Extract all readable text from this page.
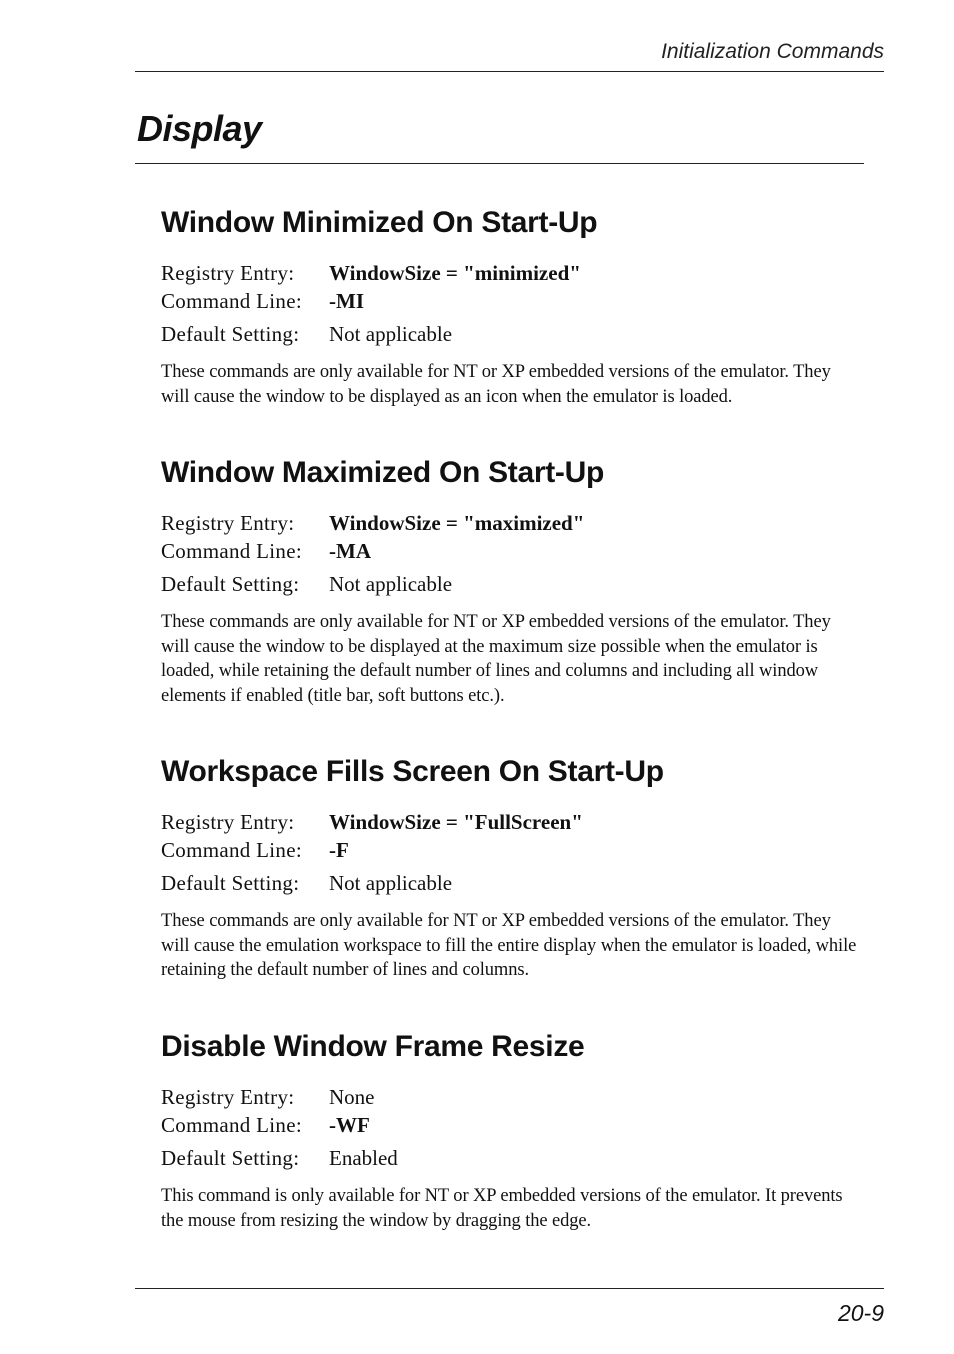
Initialization Commands
Display
Window Minimized On Start-Up
Registry Entry:	WindowSize = "minimized"
Command Line:	-MI
Default Setting:	Not applicable

These commands are only available for NT or XP embedded versions of the emulator. They will cause the window to be displayed as an icon when the emulator is loaded.

Window Maximized On Start-Up
Registry Entry:	WindowSize = "maximized"
Command Line:	-MA
Default Setting:	Not applicable

These commands are only available for NT or XP embedded versions of the emulator. They will cause the window to be displayed at the maximum size possible when the emulator is loaded, while retaining the default number of lines and columns and including all window elements if enabled (title bar, soft buttons etc.).

Workspace Fills Screen On Start-Up
Registry Entry:	WindowSize = "FullScreen"
Command Line:	-F
Default Setting:	Not applicable

These commands are only available for NT or XP embedded versions of the emulator. They will cause the emulation workspace to fill the entire display when the emulator is loaded, while retaining the default number of lines and columns.

Disable Window Frame Resize
Registry Entry:	None
Command Line:	-WF
Default Setting:	Enabled

This command is only available for NT or XP embedded versions of the emulator. It prevents the mouse from resizing the window by dragging the edge.

20-9
